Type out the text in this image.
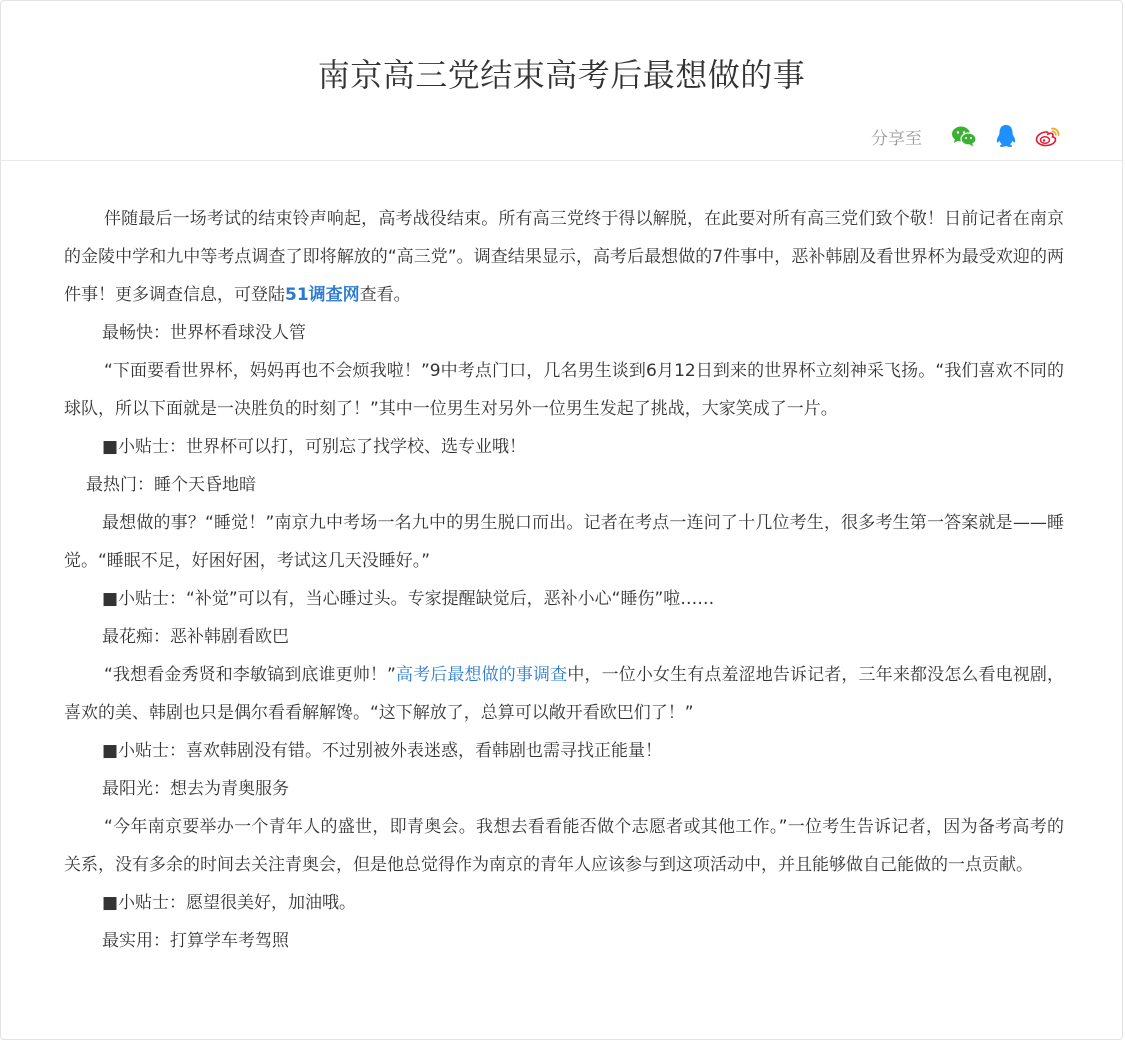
南京高三党结束高考后最想做的事
分享至

伴随最后一场考试的结束铃声响起，高考战役结束。所有高三党终于得以解脱，在此要对所有高三党们致个敬！日前记者在南京的金陵中学和九中等考点调查了即将解放的“高三党”。调查结果显示，高考后最想做的7件事中，恶补韩剧及看世界杯为最受欢迎的两件事！更多调查信息，可登陆51调查网查看。

最畅快：世界杯看球没人管

“下面要看世界杯，妈妈再也不会烦我啦！”9中考点门口，几名男生谈到6月12日到来的世界杯立刻神采飞扬。“我们喜欢不同的球队，所以下面就是一决胜负的时刻了！”其中一位男生对另外一位男生发起了挑战，大家笑成了一片。

■小贴士：世界杯可以打，可别忘了找学校、选专业哦！

最热门：睡个天昏地暗

最想做的事？“睡觉！”南京九中考场一名九中的男生脱口而出。记者在考点一连问了十几位考生，很多考生第一答案就是——睡觉。“睡眠不足，好困好困，考试这几天没睡好。”

■小贴士：“补觉”可以有，当心睡过头。专家提醒缺觉后，恶补小心“睡伤”啦……

最花痴：恶补韩剧看欧巴

“我想看金秀贤和李敏镐到底谁更帅！”高考后最想做的事调查中，一位小女生有点羞涩地告诉记者，三年来都没怎么看电视剧，喜欢的美、韩剧也只是偶尔看看解解馋。“这下解放了，总算可以敞开看欧巴们了！”

■小贴士：喜欢韩剧没有错。不过别被外表迷惑，看韩剧也需寻找正能量！

最阳光：想去为青奥服务

“今年南京要举办一个青年人的盛世，即青奥会。我想去看看能否做个志愿者或其他工作。”一位考生告诉记者，因为备考高考的关系，没有多余的时间去关注青奥会，但是他总觉得作为南京的青年人应该参与到这项活动中，并且能够做自己能做的一点贡献。

■小贴士：愿望很美好，加油哦。

最实用：打算学车考驾照
